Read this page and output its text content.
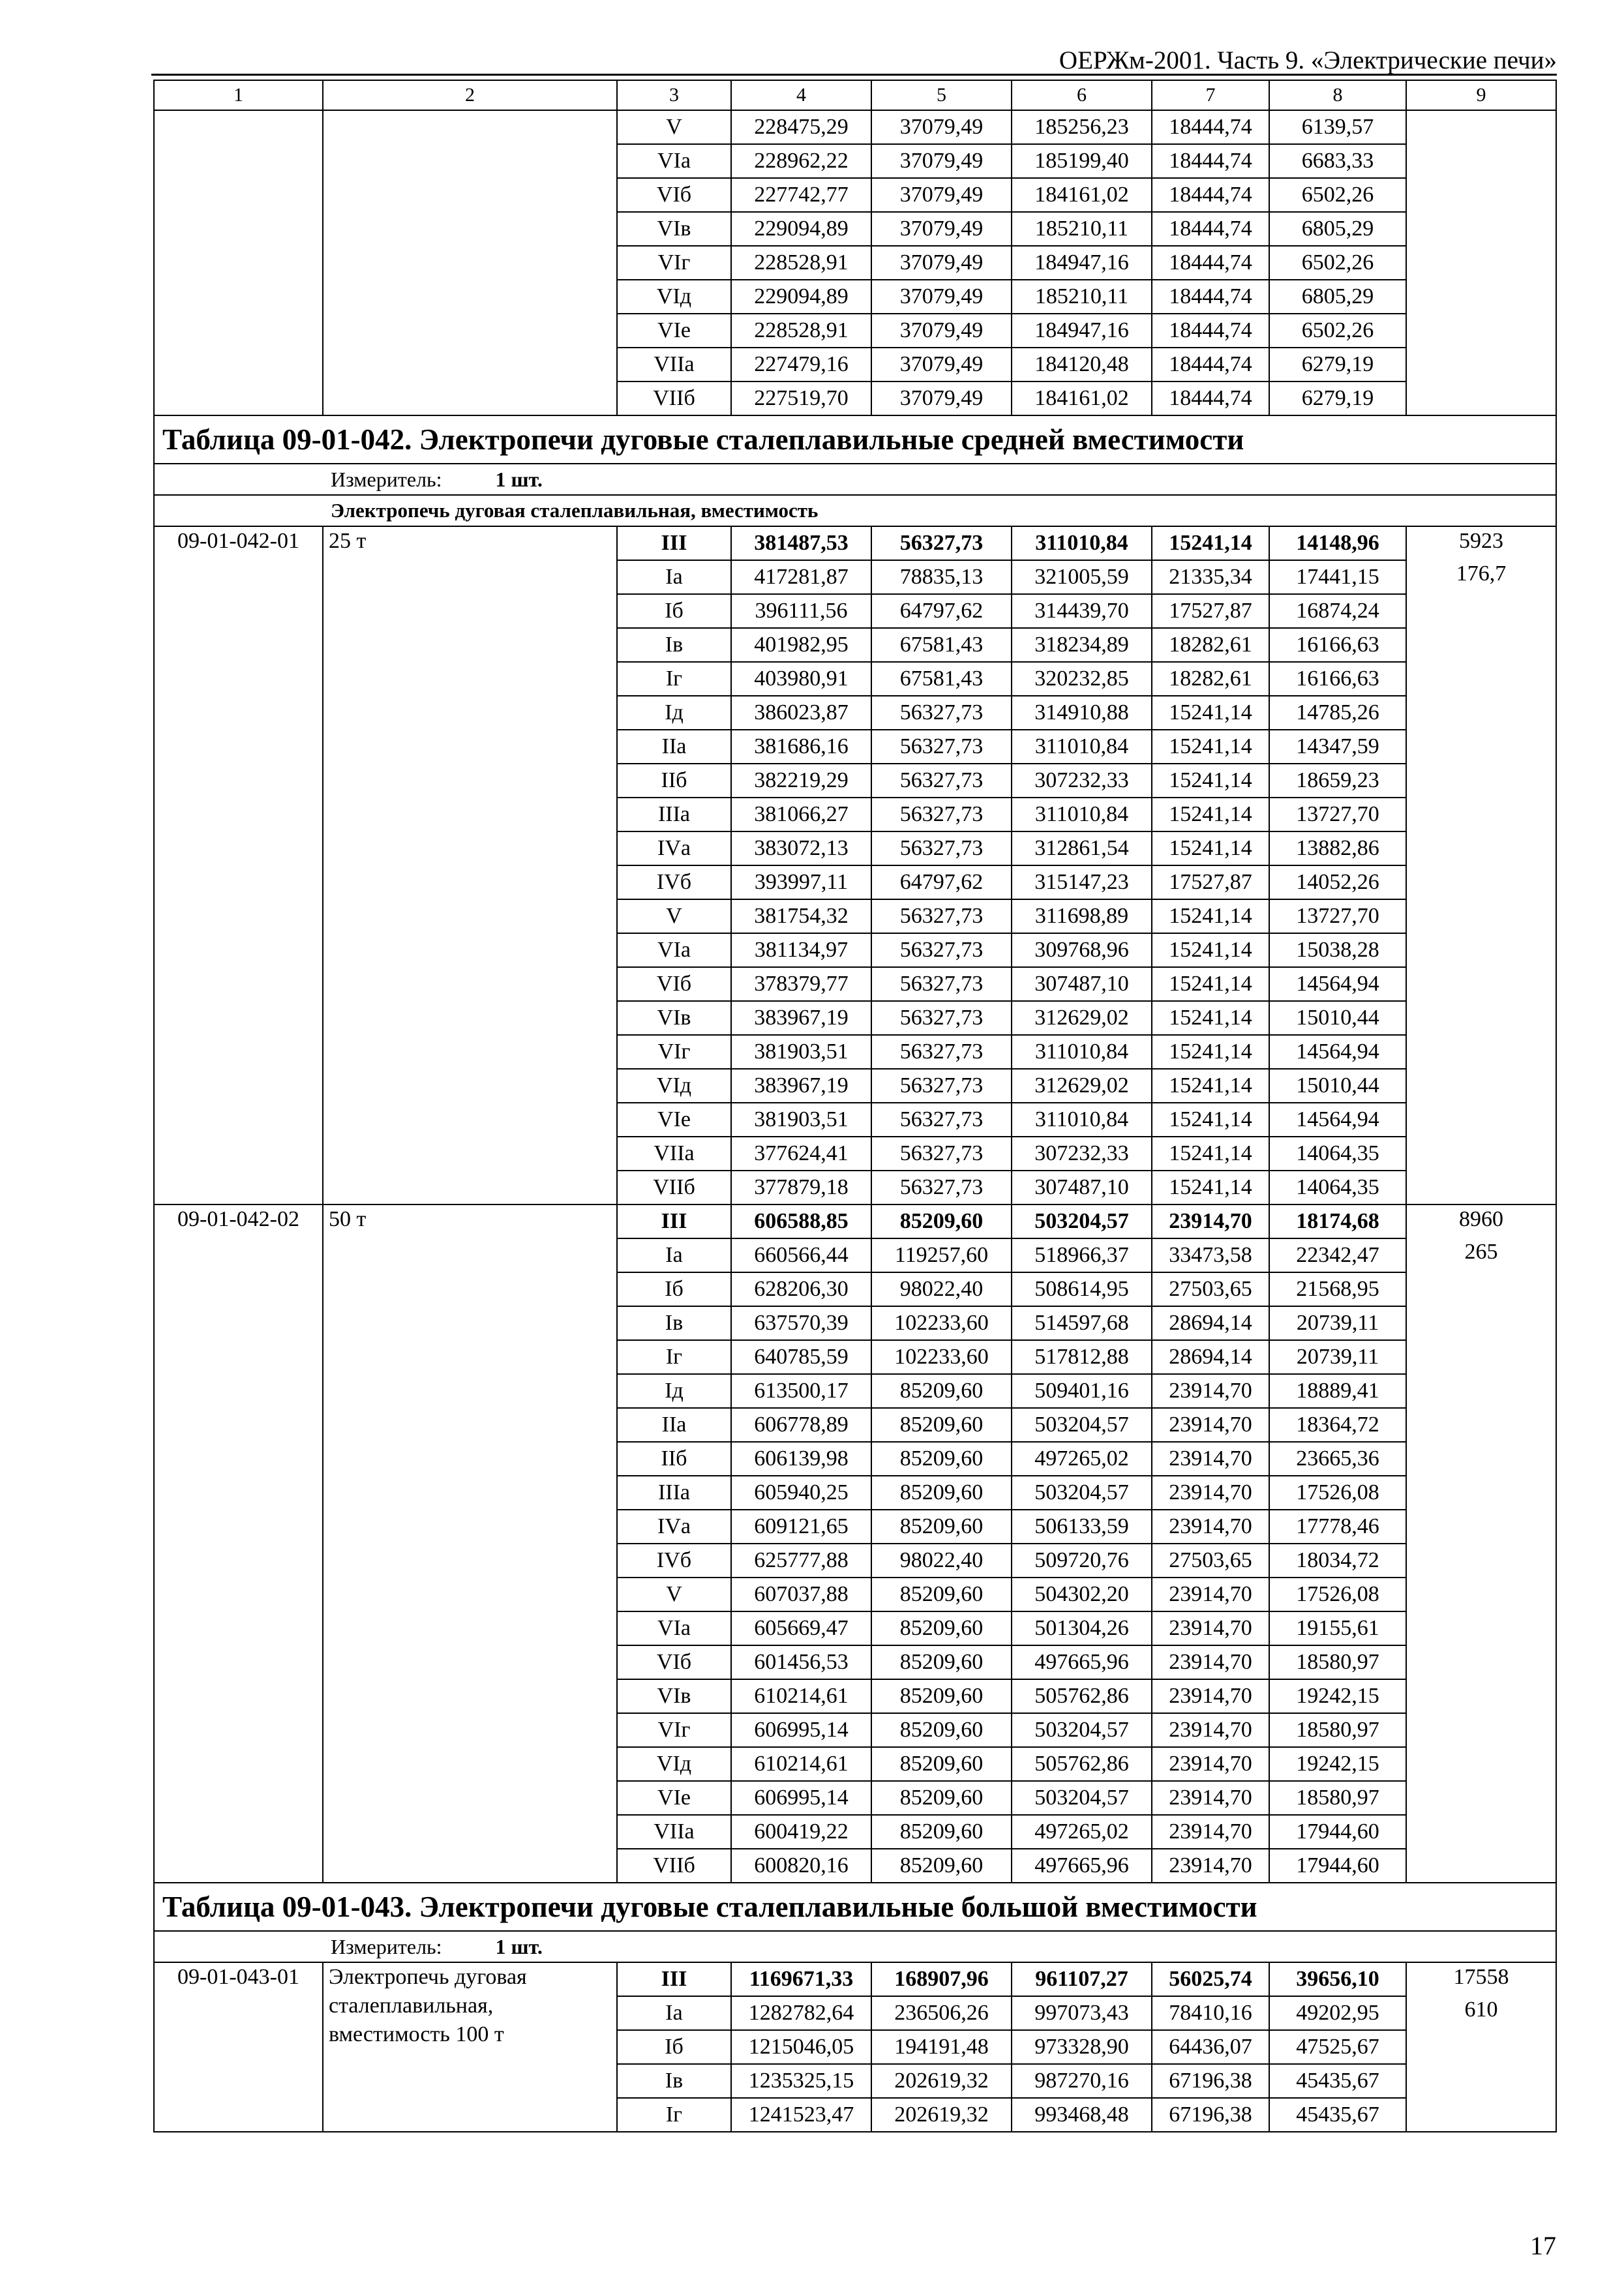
ОЕРЖм-2001. Часть 9. «Электрические печи»
1	2	3	4	5	6	7	8	9
		V	228475,29	37079,49	185256,23	18444,74	6139,57	
		VIа	228962,22	37079,49	185199,40	18444,74	6683,33	
		VIб	227742,77	37079,49	184161,02	18444,74	6502,26	
		VIв	229094,89	37079,49	185210,11	18444,74	6805,29	
		VIг	228528,91	37079,49	184947,16	18444,74	6502,26	
		VIд	229094,89	37079,49	185210,11	18444,74	6805,29	
		VIе	228528,91	37079,49	184947,16	18444,74	6502,26	
		VIIа	227479,16	37079,49	184120,48	18444,74	6279,19	
		VIIб	227519,70	37079,49	184161,02	18444,74	6279,19	
Таблица 09-01-042. Электропечи дуговые сталеплавильные средней вместимости								
Измеритель: 1 шт.								
Электропечь дуговая сталеплавильная, вместимость								
09-01-042-01	25 т	III	381487,53	56327,73	311010,84	15241,14	14148,96	5923
176,7

		Iа	417281,87	78835,13	321005,59	21335,34	17441,15	
		Iб	396111,56	64797,62	314439,70	17527,87	16874,24	
		Iв	401982,95	67581,43	318234,89	18282,61	16166,63	
		Iг	403980,91	67581,43	320232,85	18282,61	16166,63	
		Iд	386023,87	56327,73	314910,88	15241,14	14785,26	
		IIа	381686,16	56327,73	311010,84	15241,14	14347,59	
		IIб	382219,29	56327,73	307232,33	15241,14	18659,23	
		IIIа	381066,27	56327,73	311010,84	15241,14	13727,70	
		IVа	383072,13	56327,73	312861,54	15241,14	13882,86	
		IVб	393997,11	64797,62	315147,23	17527,87	14052,26	
		V	381754,32	56327,73	311698,89	15241,14	13727,70	
		VIа	381134,97	56327,73	309768,96	15241,14	15038,28	
		VIб	378379,77	56327,73	307487,10	15241,14	14564,94	
		VIв	383967,19	56327,73	312629,02	15241,14	15010,44	
		VIг	381903,51	56327,73	311010,84	15241,14	14564,94	
		VIд	383967,19	56327,73	312629,02	15241,14	15010,44	
		VIе	381903,51	56327,73	311010,84	15241,14	14564,94	
		VIIа	377624,41	56327,73	307232,33	15241,14	14064,35	
		VIIб	377879,18	56327,73	307487,10	15241,14	14064,35	
09-01-042-02	50 т	III	606588,85	85209,60	503204,57	23914,70	18174,68	8960
265

		Iа	660566,44	119257,60	518966,37	33473,58	22342,47	
		Iб	628206,30	98022,40	508614,95	27503,65	21568,95	
		Iв	637570,39	102233,60	514597,68	28694,14	20739,11	
		Iг	640785,59	102233,60	517812,88	28694,14	20739,11	
		Iд	613500,17	85209,60	509401,16	23914,70	18889,41	
		IIа	606778,89	85209,60	503204,57	23914,70	18364,72	
		IIб	606139,98	85209,60	497265,02	23914,70	23665,36	
		IIIа	605940,25	85209,60	503204,57	23914,70	17526,08	
		IVа	609121,65	85209,60	506133,59	23914,70	17778,46	
		IVб	625777,88	98022,40	509720,76	27503,65	18034,72	
		V	607037,88	85209,60	504302,20	23914,70	17526,08	
		VIа	605669,47	85209,60	501304,26	23914,70	19155,61	
		VIб	601456,53	85209,60	497665,96	23914,70	18580,97	
		VIв	610214,61	85209,60	505762,86	23914,70	19242,15	
		VIг	606995,14	85209,60	503204,57	23914,70	18580,97	
		VIд	610214,61	85209,60	505762,86	23914,70	19242,15	
		VIе	606995,14	85209,60	503204,57	23914,70	18580,97	
		VIIа	600419,22	85209,60	497265,02	23914,70	17944,60	
		VIIб	600820,16	85209,60	497665,96	23914,70	17944,60	
Таблица 09-01-043. Электропечи дуговые сталеплавильные большой вместимости								
Измеритель: 1 шт.								
09-01-043-01	Электропечь дуговая сталеплавильная, вместимость 100 т	III	1169671,33	168907,96	961107,27	56025,74	39656,10	17558
610

		Iа	1282782,64	236506,26	997073,43	78410,16	49202,95	
		Iб	1215046,05	194191,48	973328,90	64436,07	47525,67	
		Iв	1235325,15	202619,32	987270,16	67196,38	45435,67	
		Iг	1241523,47	202619,32	993468,48	67196,38	45435,67	
17
